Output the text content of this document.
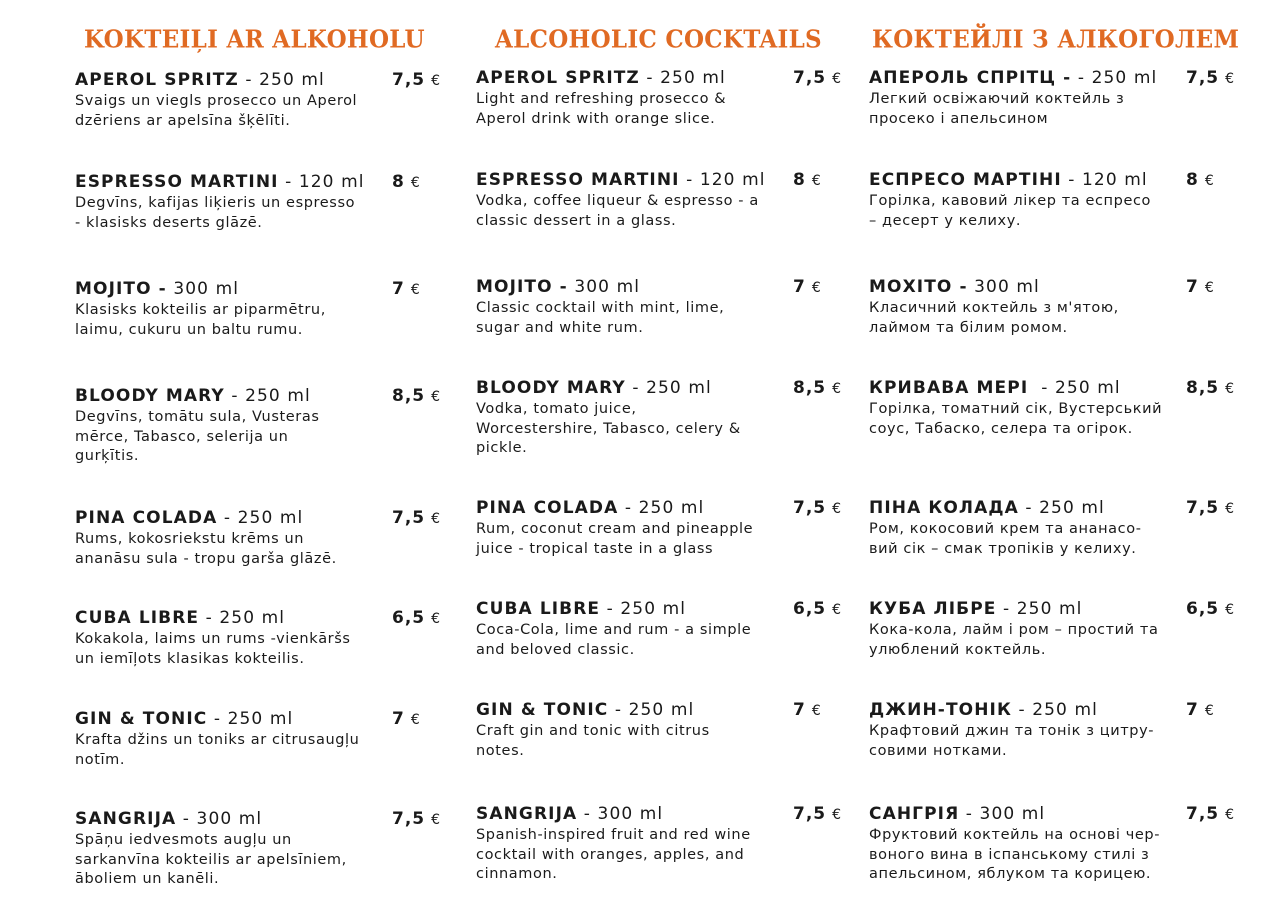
KOKTEIĻI AR ALKOHOLU
APEROL SPRITZ - 250 ml
Svaigs un viegls prosecco un Aperol dzēriens ar apelsīna šķēlīti.
7,5 €
ESPRESSO MARTINI - 120 ml
Degvīns, kafijas liķieris un espresso - klasisks deserts glāzē.
8 €
MOJITO - 300 ml
Klasisks kokteilis ar piparmētru, laimu, cukuru un baltu rumu.
7 €
BLOODY MARY - 250 ml
Degvīns, tomātu sula, Vusteras mērce, Tabasco, selerija un gurķītis.
8,5 €
PINA COLADA - 250 ml
Rums, kokosriekstu krēms un ananāsu sula - tropu garša glāzē.
7,5 €
CUBA LIBRE - 250 ml
Kokakola, laims un rums -vienkāršs un iemīļots klasikas kokteilis.
6,5 €
GIN & TONIC - 250 ml
Krafta džins un toniks ar citrusaugļu notīm.
7 €
SANGRIJA - 300 ml
Spāņu iedvesmots augļu un sarkanvīna kokteilis ar apelsīniem, āboliem un kanēli.
7,5 €
ALCOHOLIC COCKTAILS
APEROL SPRITZ - 250 ml
Light and refreshing prosecco & Aperol drink with orange slice.
7,5 €
ESPRESSO MARTINI - 120 ml
Vodka, coffee liqueur & espresso - a classic dessert in a glass.
8 €
MOJITO - 300 ml
Classic cocktail with mint, lime, sugar and white rum.
7 €
BLOODY MARY - 250 ml
Vodka, tomato juice, Worcestershire, Tabasco, celery & pickle.
8,5 €
PINA COLADA - 250 ml
Rum, coconut cream and pineapple juice - tropical taste in a glass
7,5 €
CUBA LIBRE - 250 ml
Coca-Cola, lime and rum - a simple and beloved classic.
6,5 €
GIN & TONIC - 250 ml
Craft gin and tonic with citrus notes.
7 €
SANGRIJA - 300 ml
Spanish-inspired fruit and red wine cocktail with oranges, apples, and cinnamon.
7,5 €
КОКТЕЙЛІ З АЛКОГОЛЕМ
АПЕРОЛЬ СПРІТЦ - - 250 ml
Легкий освіжаючий коктейль з просеко і апельсином
7,5 €
ЕСПРЕСО МАРТІНІ - 120 ml
Горілка, кавовий лікер та еспресо – десерт у келиху.
8 €
МОХІТО - 300 ml
Класичний коктейль з м'ятою, лаймом та білим ромом.
7 €
КРИВАВА МЕРІ  - 250 ml
Горілка, томатний сік, Вустерський соус, Табаско, селера та огірок.
8,5 €
ПІНА КОЛАДА - 250 ml
Ром, кокосовий крем та ананасо-вий сік – смак тропіків у келиху.
7,5 €
КУБА ЛІБРЕ - 250 ml
Кока-кола, лайм і ром – простий та улюблений коктейль.
6,5 €
ДЖИН-ТОНІК - 250 ml
Крафтовий джин та тонік з цитру-совими нотками.
7 €
САНГРІЯ - 300 ml
Фруктовий коктейль на основі чер-воного вина в іспанському стилі з апельсином, яблуком та корицею.
7,5 €
